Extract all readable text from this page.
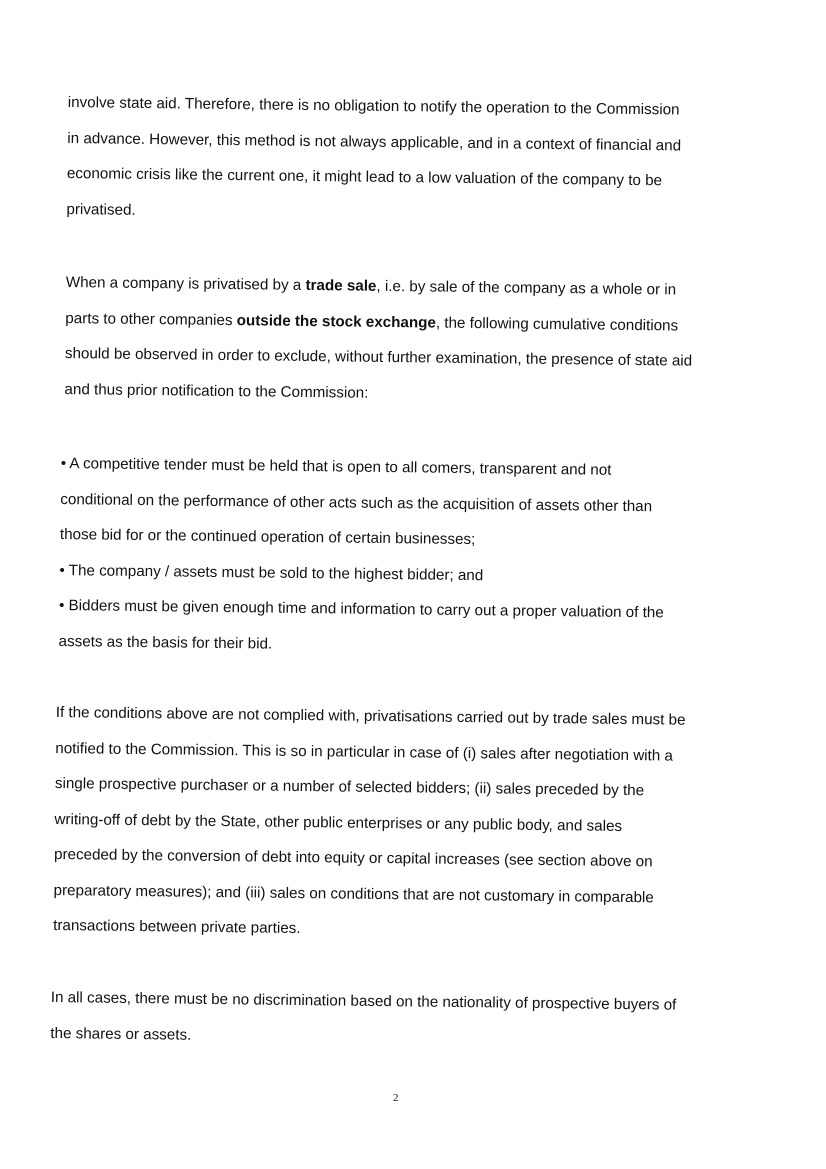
involve state aid. Therefore, there is no obligation to notify the operation to the Commission
in advance. However, this method is not always applicable, and in a context of financial and
economic crisis like the current one, it might lead to a low valuation of the company to be
privatised.
When a company is privatised by a trade sale, i.e. by sale of the company as a whole or in
parts to other companies outside the stock exchange, the following cumulative conditions
should be observed in order to exclude, without further examination, the presence of state aid
and thus prior notification to the Commission:
• A competitive tender must be held that is open to all comers, transparent and not
conditional on the performance of other acts such as the acquisition of assets other than
those bid for or the continued operation of certain businesses;
• The company / assets must be sold to the highest bidder; and
• Bidders must be given enough time and information to carry out a proper valuation of the
assets as the basis for their bid.
If the conditions above are not complied with, privatisations carried out by trade sales must be
notified to the Commission. This is so in particular in case of (i) sales after negotiation with a
single prospective purchaser or a number of selected bidders; (ii) sales preceded by the
writing-off of debt by the State, other public enterprises or any public body, and sales
preceded by the conversion of debt into equity or capital increases (see section above on
preparatory measures); and (iii) sales on conditions that are not customary in comparable
transactions between private parties.
In all cases, there must be no discrimination based on the nationality of prospective buyers of
the shares or assets.
2
